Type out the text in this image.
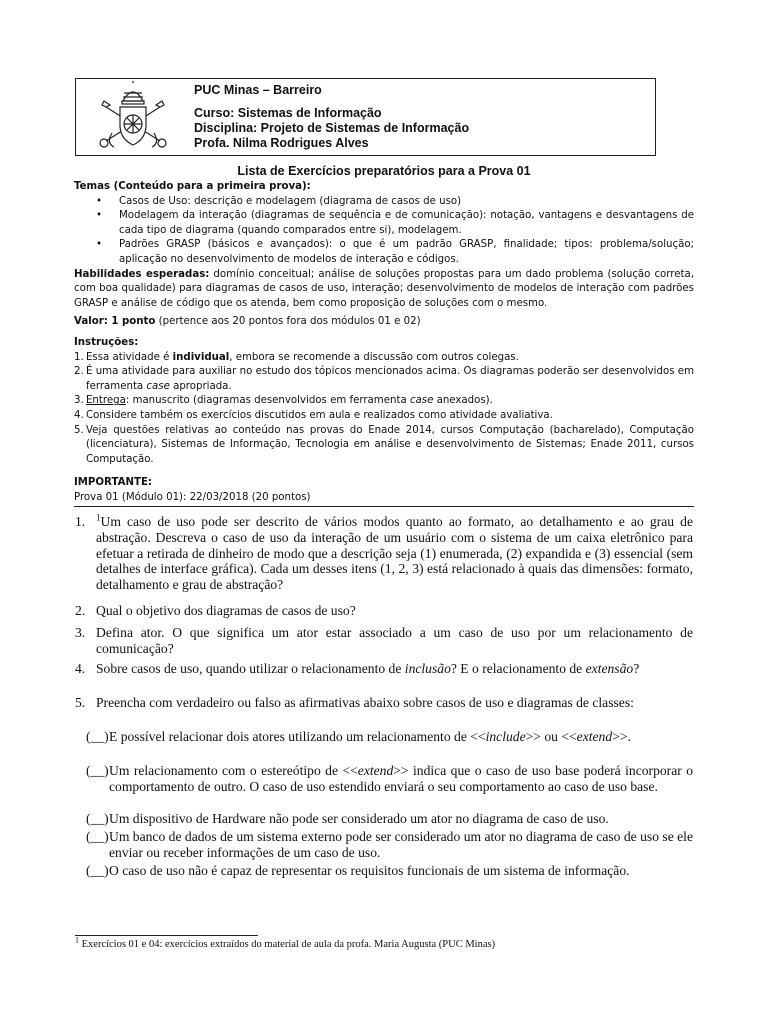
PUC Minas – Barreiro
Curso: Sistemas de Informação
Disciplina: Projeto de Sistemas de Informação
Profa. Nilma Rodrigues Alves
Lista de Exercícios preparatórios para a Prova 01
Temas (Conteúdo para a primeira prova):
• Casos de Uso: descrição e modelagem (diagrama de casos de uso)
• Modelagem da interação (diagramas de sequência e de comunicação): notação, vantagens e desvantagens de cada tipo de diagrama (quando comparados entre si), modelagem.
• Padrões GRASP (básicos e avançados): o que é um padrão GRASP, finalidade; tipos: problema/solução; aplicação no desenvolvimento de modelos de interação e códigos.
Habilidades esperadas: domínio conceitual; análise de soluções propostas para um dado problema (solução correta, com boa qualidade) para diagramas de casos de uso, interação; desenvolvimento de modelos de interação com padrões GRASP e análise de código que os atenda, bem como proposição de soluções com o mesmo.
Valor: 1 ponto (pertence aos 20 pontos fora dos módulos 01 e 02)
Instruções:
1. Essa atividade é individual, embora se recomende a discussão com outros colegas.
2. É uma atividade para auxiliar no estudo dos tópicos mencionados acima. Os diagramas poderão ser desenvolvidos em ferramenta case apropriada.
3. Entrega: manuscrito (diagramas desenvolvidos em ferramenta case anexados).
4. Considere também os exercícios discutidos em aula e realizados como atividade avaliativa.
5. Veja questões relativas ao conteúdo nas provas do Enade 2014, cursos Computação (bacharelado), Computação (licenciatura), Sistemas de Informação, Tecnologia em análise e desenvolvimento de Sistemas; Enade 2011, cursos Computação.
IMPORTANTE:
Prova 01 (Módulo 01): 22/03/2018 (20 pontos)
1. $^1$Um caso de uso pode ser descrito de vários modos quanto ao formato, ao detalhamento e ao grau de abstração. Descreva o caso de uso da interação de um usuário com o sistema de um caixa eletrônico para efetuar a retirada de dinheiro de modo que a descrição seja (1) enumerada, (2) expandida e (3) essencial (sem detalhes de interface gráfica). Cada um desses itens (1, 2, 3) está relacionado à quais das dimensões: formato, detalhamento e grau de abstração?
2. Qual o objetivo dos diagramas de casos de uso?
3. Defina ator. O que significa um ator estar associado a um caso de uso por um relacionamento de comunicação?
4. Sobre casos de uso, quando utilizar o relacionamento de inclusão? E o relacionamento de extensão?
5. Preencha com verdadeiro ou falso as afirmativas abaixo sobre casos de uso e diagramas de classes:
(__) E possível relacionar dois atores utilizando um relacionamento de <<include>> ou <<extend>>.
(__) Um relacionamento com o estereótipo de <<extend>> indica que o caso de uso base poderá incorporar o comportamento de outro. O caso de uso estendido enviará o seu comportamento ao caso de uso base.
(__) Um dispositivo de Hardware não pode ser considerado um ator no diagrama de caso de uso.
(__) Um banco de dados de um sistema externo pode ser considerado um ator no diagrama de caso de uso se ele enviar ou receber informações de um caso de uso.
(__) O caso de uso não é capaz de representar os requisitos funcionais de um sistema de informação.
$^1$ Exercícios 01 e 04: exercícios extraídos do material de aula da profa. Maria Augusta (PUC Minas)
